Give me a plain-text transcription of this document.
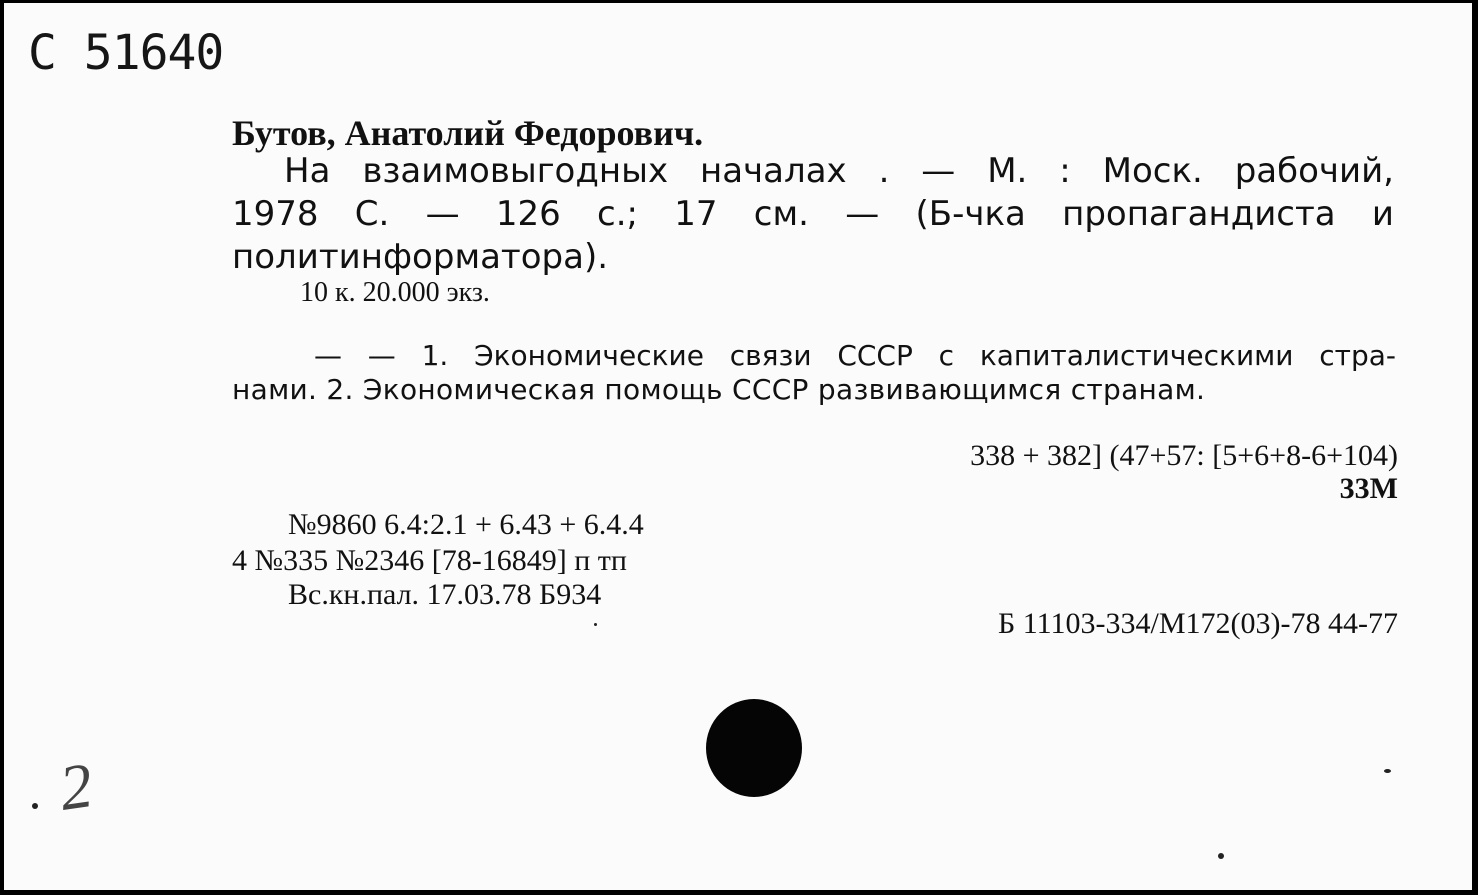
С 51640
Бутов, Анатолий Федорович.
На взаимовыгодных началах . — М. : Моск. рабочий,
1978 С. — 126 с.; 17 см. — (Б-чка пропагандиста и
политинформатора).
10 к. 20.000 экз.
— — 1. Экономические связи СССР с капиталистическими стра-
нами. 2. Экономическая помощь СССР развивающимся странам.
338 + 382] (47+57: [5+6+8-6+104)
33М
№9860 6.4:2.1 + 6.43 + 6.4.4
4 №335 №2346 [78-16849] п тп
Вс.кн.пал. 17.03.78 Б934
Б 11103-334/М172(03)-78 44-77
2
